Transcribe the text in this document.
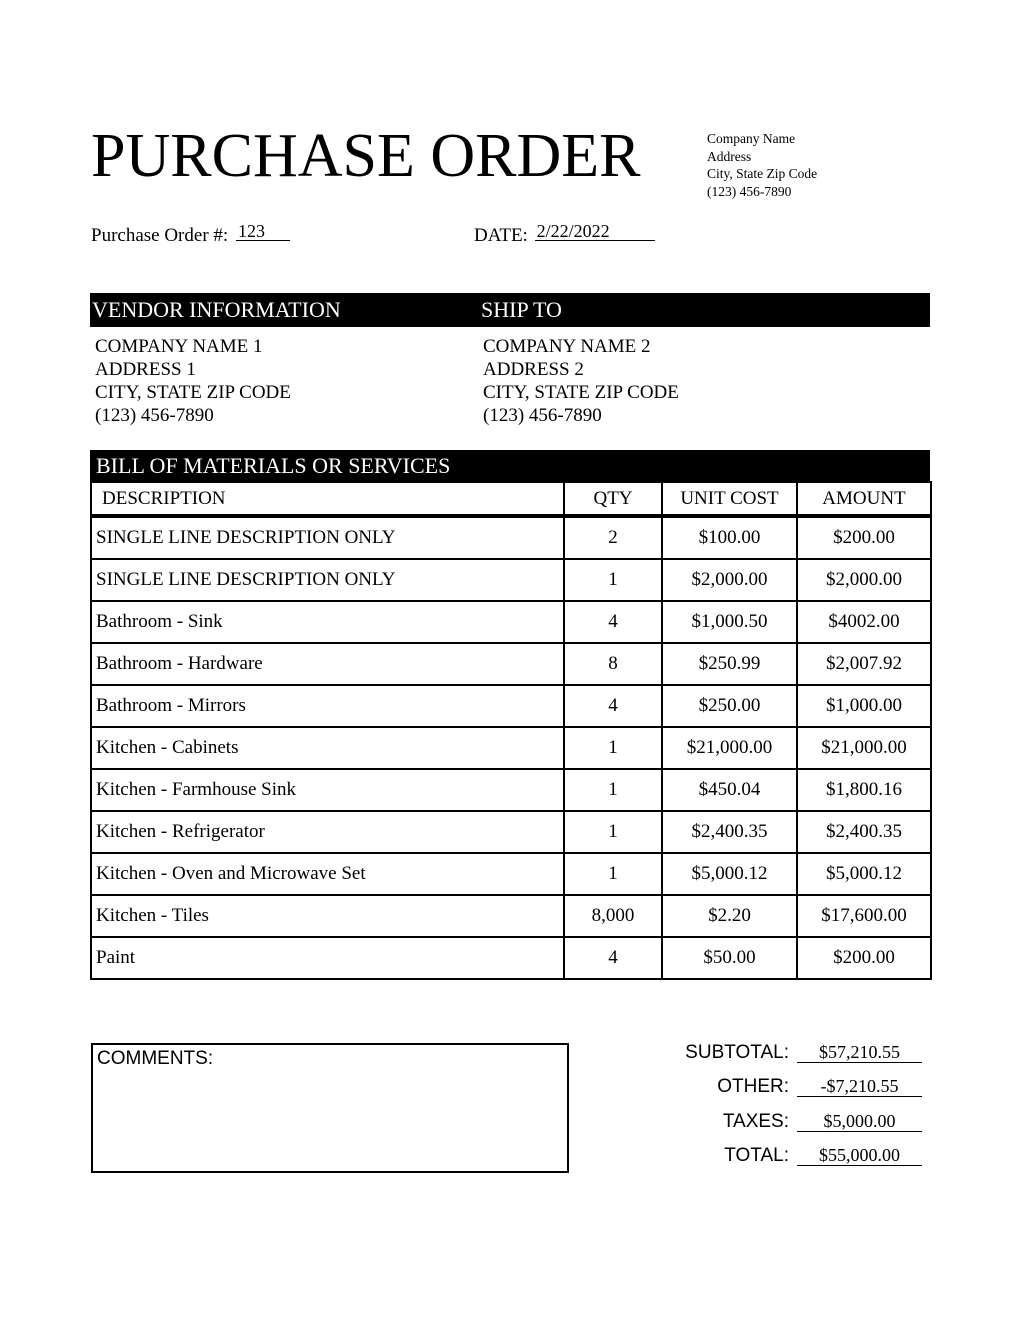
PURCHASE ORDER	Company Name
Address
City, State Zip Code
(123) 456-7890
Purchase Order #: 123	DATE: 2/22/2022
VENDOR INFORMATION	SHIP TO
COMPANY NAME 1
ADDRESS 1
CITY, STATE ZIP CODE
(123) 456-7890
COMPANY NAME 2
ADDRESS 2
CITY, STATE ZIP CODE
(123) 456-7890
BILL OF MATERIALS OR SERVICES
DESCRIPTION	QTY	UNIT COST	AMOUNT
SINGLE LINE DESCRIPTION ONLY	2	$100.00	$200.00
SINGLE LINE DESCRIPTION ONLY	1	$2,000.00	$2,000.00
Bathroom - Sink	4	$1,000.50	$4002.00
Bathroom - Hardware	8	$250.99	$2,007.92
Bathroom - Mirrors	4	$250.00	$1,000.00
Kitchen - Cabinets	1	$21,000.00	$21,000.00
Kitchen - Farmhouse Sink	1	$450.04	$1,800.16
Kitchen - Refrigerator	1	$2,400.35	$2,400.35
Kitchen - Oven and Microwave Set	1	$5,000.12	$5,000.12
Kitchen - Tiles	8,000	$2.20	$17,600.00
Paint	4	$50.00	$200.00
COMMENTS:	SUBTOTAL:	$57,210.55
OTHER:	-$7,210.55
TAXES:	$5,000.00
TOTAL:	$55,000.00
